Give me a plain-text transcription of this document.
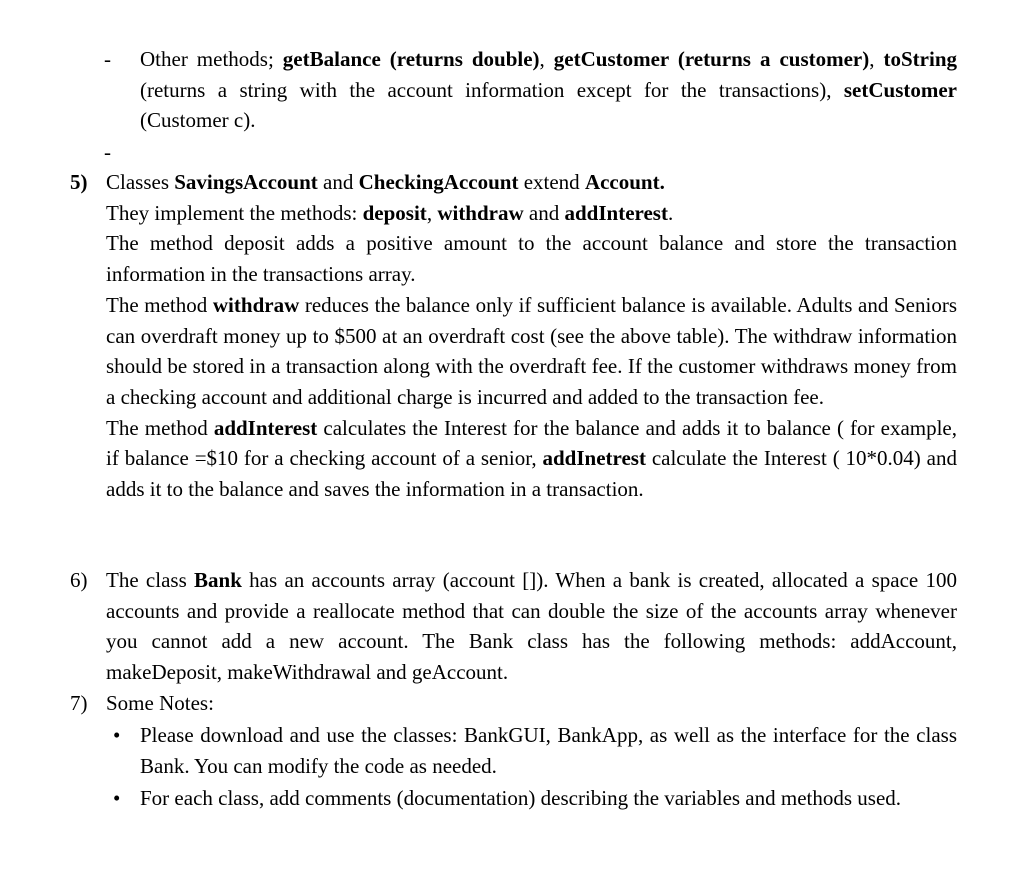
- Other methods; getBalance (returns double), getCustomer (returns a customer), toString (returns a string with the account information except for the transactions), setCustomer (Customer c).

-
5) Classes SavingsAccount and CheckingAccount extend Account.

They implement the methods: deposit, withdraw and addInterest.

The method deposit adds a positive amount to the account balance and store the transaction information in the transactions array.

The method withdraw reduces the balance only if sufficient balance is available. Adults and Seniors can overdraft money up to $500 at an overdraft cost (see the above table). The withdraw information should be stored in a transaction along with the overdraft fee. If the customer withdraws money from a checking account and additional charge is incurred and added to the transaction fee.

The method addInterest calculates the Interest for the balance and adds it to balance ( for example, if balance =$10 for a checking account of a senior, addInetrest calculate the Interest ( 10*0.04) and adds it to the balance and saves the information in a transaction.

6) The class Bank has an accounts array (account []). When a bank is created, allocated a space 100 accounts and provide a reallocate method that can double the size of the accounts array whenever you cannot add a new account. The Bank class has the following methods: addAccount, makeDeposit, makeWithdrawal and geAccount.

7) Some Notes:
• Please download and use the classes: BankGUI, BankApp, as well as the interface for the class Bank. You can modify the code as needed.
• For each class, add comments (documentation) describing the variables and methods used.
